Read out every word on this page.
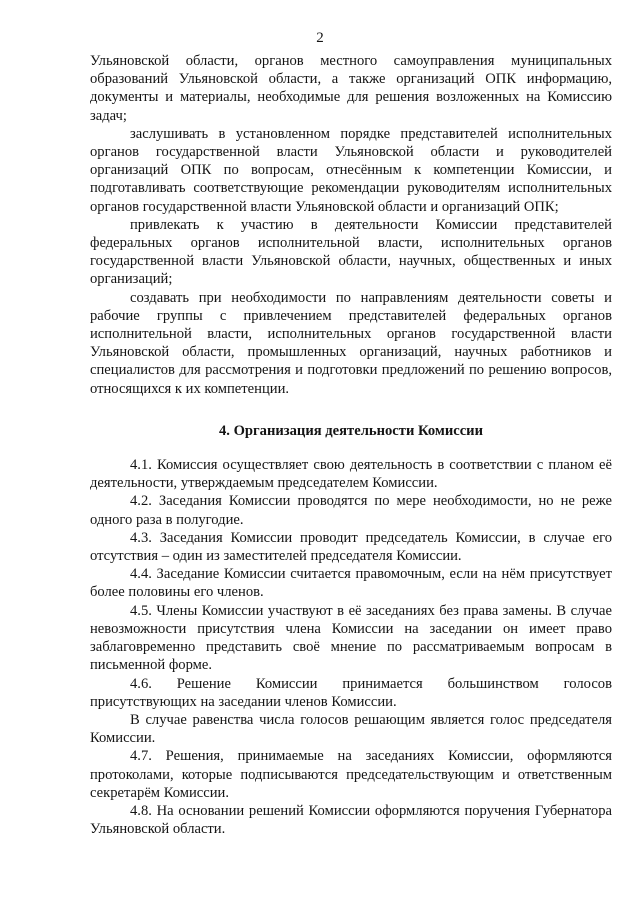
2

Ульяновской области, органов местного самоуправления муниципальных образований Ульяновской области, а также организаций ОПК информацию, документы и материалы, необходимые для решения возложенных на Комиссию задач;

заслушивать в установленном порядке представителей исполнительных органов государственной власти Ульяновской области и руководителей организаций ОПК по вопросам, отнесённым к компетенции Комиссии, и подготавливать соответствующие рекомендации руководителям исполнительных органов государственной власти Ульяновской области и организаций ОПК;

привлекать к участию в деятельности Комиссии представителей федеральных органов исполнительной власти, исполнительных органов государственной власти Ульяновской области, научных, общественных и иных организаций;

создавать при необходимости по направлениям деятельности советы и рабочие группы с привлечением представителей федеральных органов исполнительной власти, исполнительных органов государственной власти Ульяновской области, промышленных организаций, научных работников и специалистов для рассмотрения и подготовки предложений по решению вопросов, относящихся к их компетенции.

4. Организация деятельности Комиссии

4.1. Комиссия осуществляет свою деятельность в соответствии с планом её деятельности, утверждаемым председателем Комиссии.

4.2. Заседания Комиссии проводятся по мере необходимости, но не реже одного раза в полугодие.

4.3. Заседания Комиссии проводит председатель Комиссии, в случае его отсутствия – один из заместителей председателя Комиссии.

4.4. Заседание Комиссии считается правомочным, если на нём присутствует более половины его членов.

4.5. Члены Комиссии участвуют в её заседаниях без права замены. В случае невозможности присутствия члена Комиссии на заседании он имеет право заблаговременно представить своё мнение по рассматриваемым вопросам в письменной форме.

4.6. Решение Комиссии принимается большинством голосов присутствующих на заседании членов Комиссии.

В случае равенства числа голосов решающим является голос председателя Комиссии.

4.7. Решения, принимаемые на заседаниях Комиссии, оформляются протоколами, которые подписываются председательствующим и ответственным секретарём Комиссии.

4.8. На основании решений Комиссии оформляются поручения Губернатора Ульяновской области.
